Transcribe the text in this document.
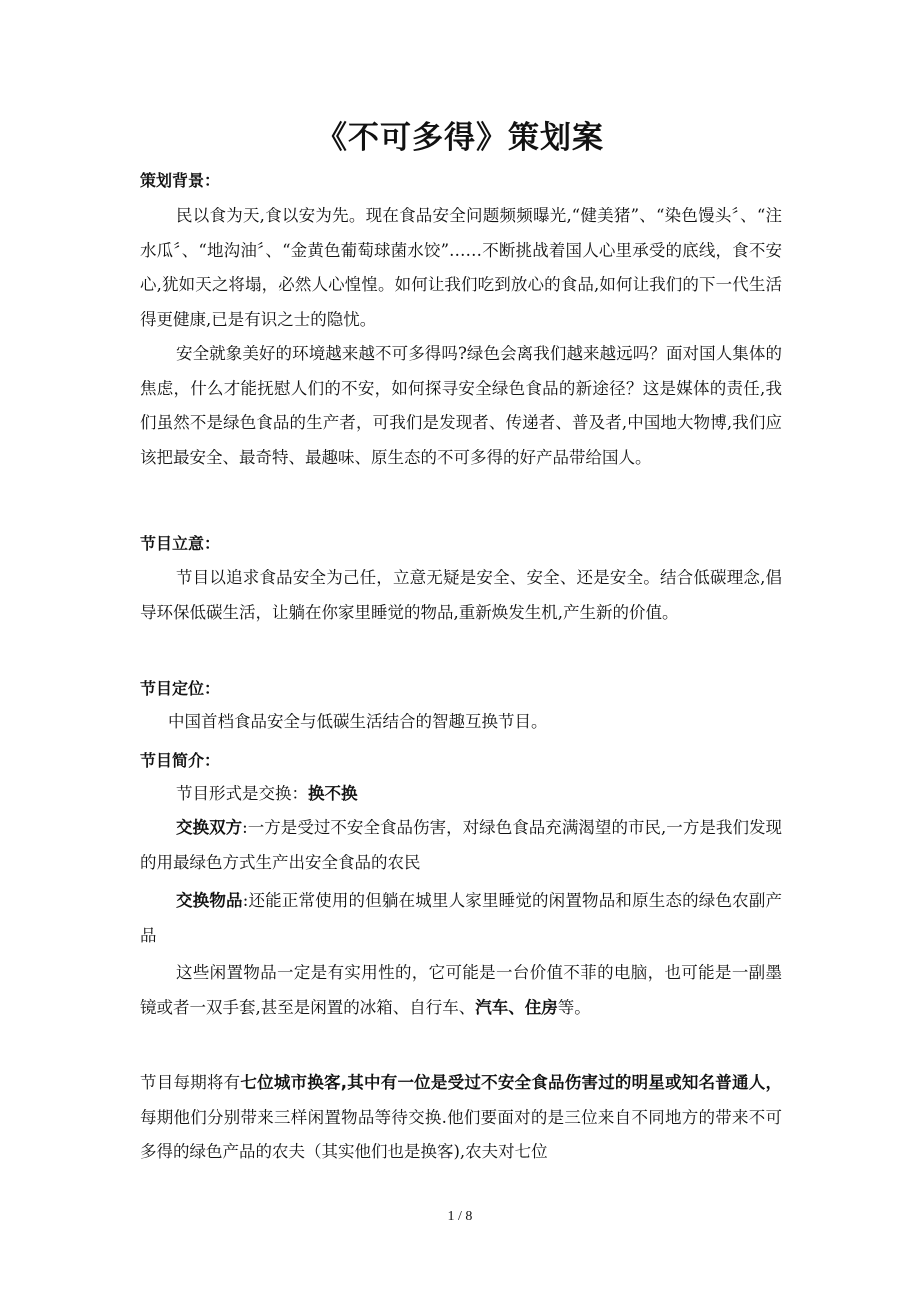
《不可多得》策划案
策划背景：

民以食为天,食以安为先。现在食品安全问题频频曝光,“健美猪”、“染色馒头〞、“注水瓜〞、“地沟油〞、“金黄色葡萄球菌水饺”……不断挑战着国人心里承受的底线，食不安心,犹如天之将塌，必然人心惶惶。如何让我们吃到放心的食品,如何让我们的下一代生活得更健康,已是有识之士的隐忧。

安全就象美好的环境越来越不可多得吗?绿色会离我们越来越远吗？面对国人集体的焦虑，什么才能抚慰人们的不安，如何探寻安全绿色食品的新途径？这是媒体的责任,我们虽然不是绿色食品的生产者，可我们是发现者、传递者、普及者,中国地大物博,我们应该把最安全、最奇特、最趣味、原生态的不可多得的好产品带给国人。

节目立意：

节目以追求食品安全为己任，立意无疑是安全、安全、还是安全。结合低碳理念,倡导环保低碳生活，让躺在你家里睡觉的物品,重新焕发生机,产生新的价值。

节目定位：

中国首档食品安全与低碳生活结合的智趣互换节目。

节目简介：

节目形式是交换：换不换

交换双方:一方是受过不安全食品伤害，对绿色食品充满渴望的市民,一方是我们发现的用最绿色方式生产出安全食品的农民

交换物品:还能正常使用的但躺在城里人家里睡觉的闲置物品和原生态的绿色农副产品

这些闲置物品一定是有实用性的，它可能是一台价值不菲的电脑，也可能是一副墨镜或者一双手套,甚至是闲置的冰箱、自行车、汽车、住房等。

节目每期将有七位城市换客,其中有一位是受过不安全食品伤害过的明星或知名普通人，每期他们分别带来三样闲置物品等待交换.他们要面对的是三位来自不同地方的带来不可多得的绿色产品的农夫（其实他们也是换客),农夫对七位

1 / 8
